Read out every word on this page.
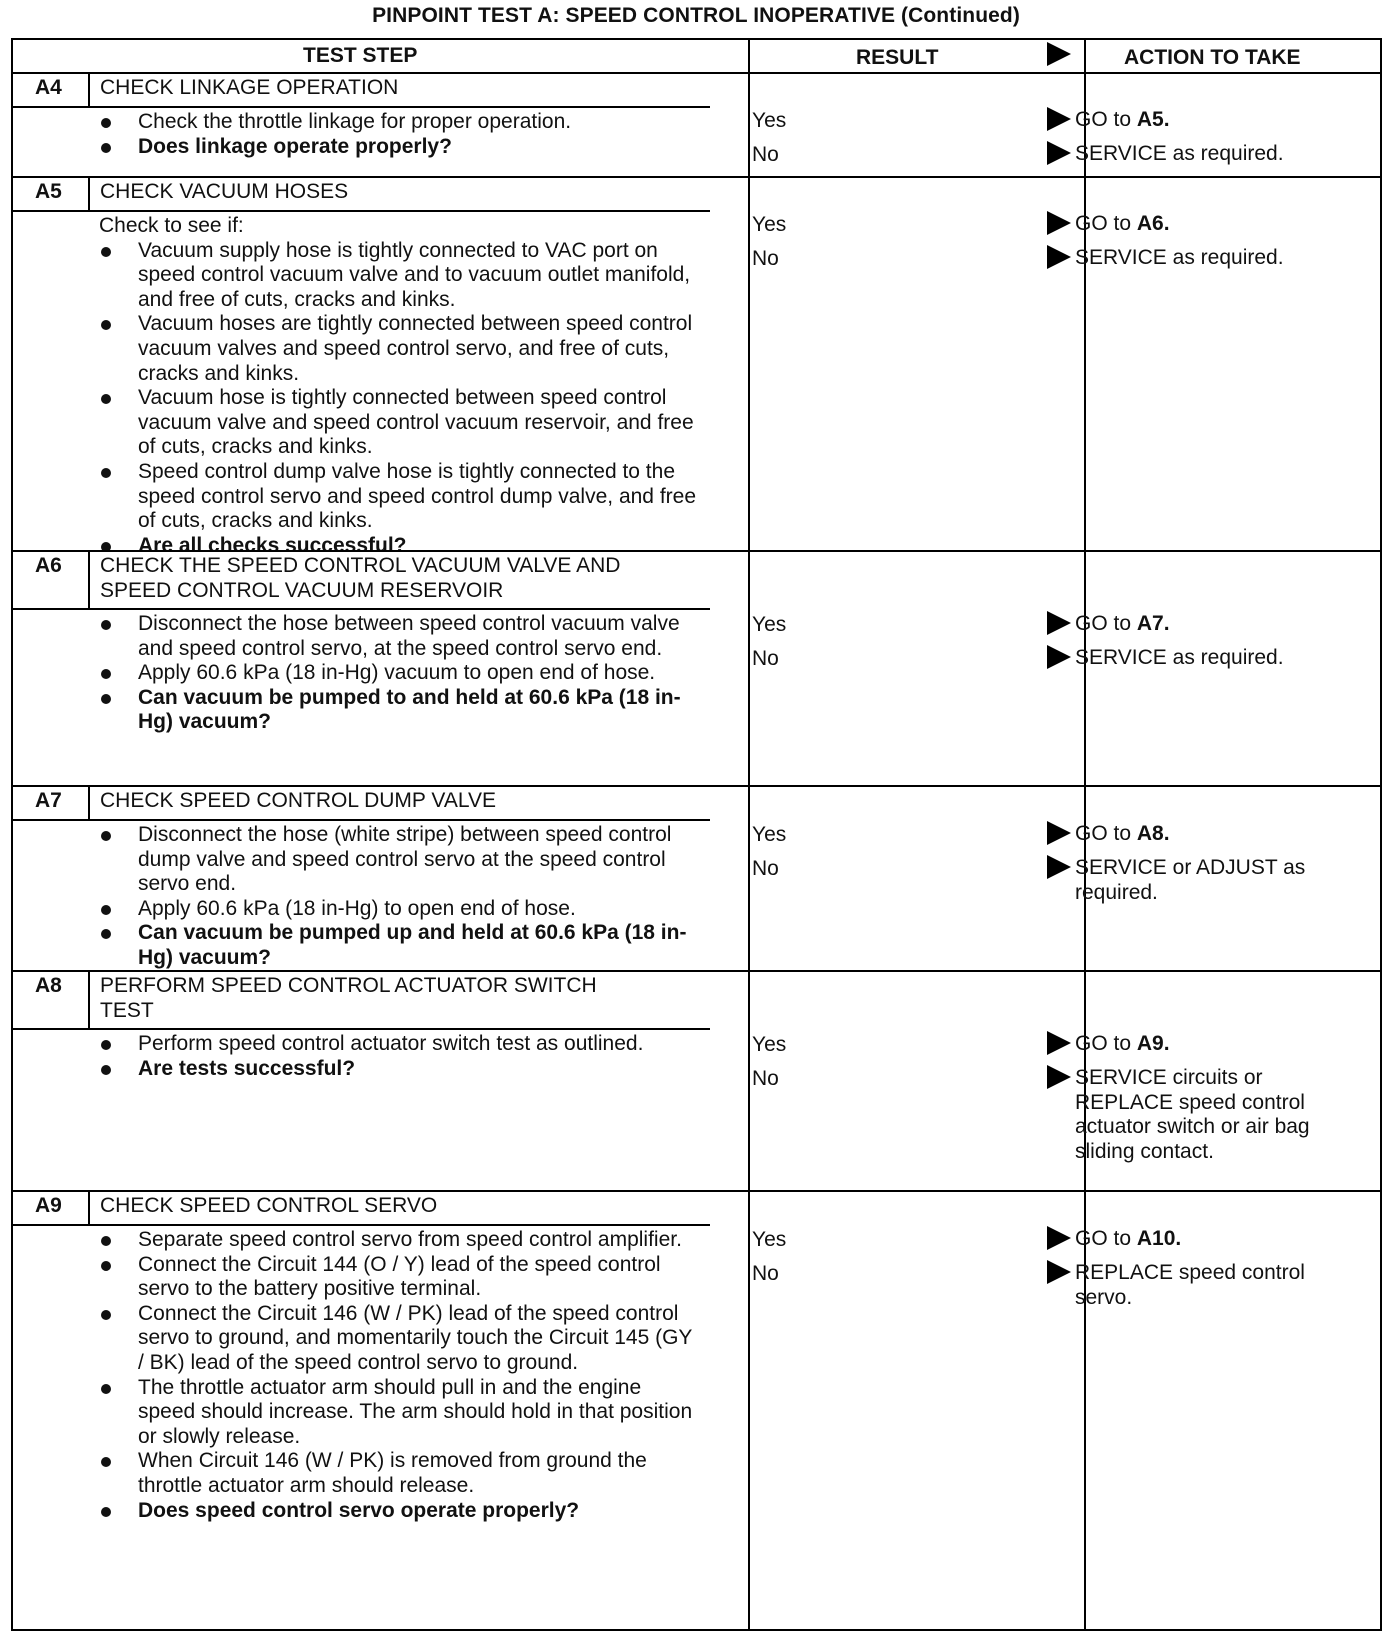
PINPOINT TEST A: SPEED CONTROL INOPERATIVE (Continued)
TEST STEP	RESULT	ACTION TO TAKE
A4 CHECK LINKAGE OPERATION
Check the throttle linkage for proper operation.
Does linkage operate properly?
Yes
No
GO to A5.
SERVICE as required.
A5 CHECK VACUUM HOSES
Check to see if:
Vacuum supply hose is tightly connected to VAC port on speed control vacuum valve and to vacuum outlet manifold, and free of cuts, cracks and kinks.
Vacuum hoses are tightly connected between speed control vacuum valves and speed control servo, and free of cuts, cracks and kinks.
Vacuum hose is tightly connected between speed control vacuum valve and speed control vacuum reservoir, and free of cuts, cracks and kinks.
Speed control dump valve hose is tightly connected to the speed control servo and speed control dump valve, and free of cuts, cracks and kinks.
Are all checks successful?
Yes
No
GO to A6.
SERVICE as required.
A6 CHECK THE SPEED CONTROL VACUUM VALVE AND
SPEED CONTROL VACUUM RESERVOIR
Disconnect the hose between speed control vacuum valve and speed control servo, at the speed control servo end.
Apply 60.6 kPa (18 in-Hg) vacuum to open end of hose.
Can vacuum be pumped to and held at 60.6 kPa (18 in-Hg) vacuum?
Yes
No
GO to A7.
SERVICE as required.
A7 CHECK SPEED CONTROL DUMP VALVE
Disconnect the hose (white stripe) between speed control dump valve and speed control servo at the speed control servo end.
Apply 60.6 kPa (18 in-Hg) to open end of hose.
Can vacuum be pumped up and held at 60.6 kPa (18 in-Hg) vacuum?
Yes
No
GO to A8.
SERVICE or ADJUST as required.
A8 PERFORM SPEED CONTROL ACTUATOR SWITCH
TEST
Perform speed control actuator switch test as outlined.
Are tests successful?
Yes
No
GO to A9.
SERVICE circuits or REPLACE speed control actuator switch or air bag sliding contact.
A9 CHECK SPEED CONTROL SERVO
Separate speed control servo from speed control amplifier.
Connect the Circuit 144 (O / Y) lead of the speed control servo to the battery positive terminal.
Connect the Circuit 146 (W / PK) lead of the speed control servo to ground, and momentarily touch the Circuit 145 (GY / BK) lead of the speed control servo to ground.
The throttle actuator arm should pull in and the engine speed should increase. The arm should hold in that position or slowly release.
When Circuit 146 (W / PK) is removed from ground the throttle actuator arm should release.
Does speed control servo operate properly?
Yes
No
GO to A10.
REPLACE speed control servo.
